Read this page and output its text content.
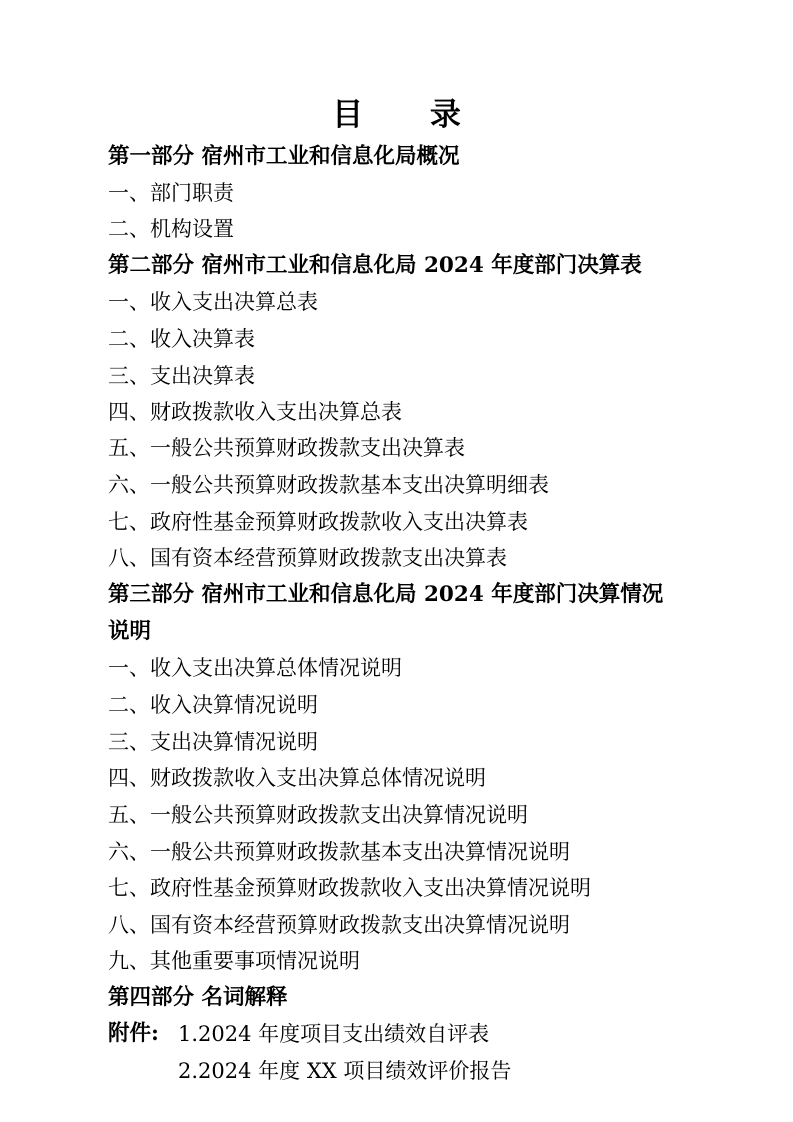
目 录
第一部分 宿州市工业和信息化局概况
一、部门职责
二、机构设置
第二部分 宿州市工业和信息化局 2024 年度部门决算表
一、收入支出决算总表
二、收入决算表
三、支出决算表
四、财政拨款收入支出决算总表
五、一般公共预算财政拨款支出决算表
六、一般公共预算财政拨款基本支出决算明细表
七、政府性基金预算财政拨款收入支出决算表
八、国有资本经营预算财政拨款支出决算表
第三部分 宿州市工业和信息化局 2024 年度部门决算情况
说明
一、收入支出决算总体情况说明
二、收入决算情况说明
三、支出决算情况说明
四、财政拨款收入支出决算总体情况说明
五、一般公共预算财政拨款支出决算情况说明
六、一般公共预算财政拨款基本支出决算情况说明
七、政府性基金预算财政拨款收入支出决算情况说明
八、国有资本经营预算财政拨款支出决算情况说明
九、其他重要事项情况说明
第四部分 名词解释
附件: 1.2024 年度项目支出绩效自评表
2.2024 年度 XX 项目绩效评价报告
